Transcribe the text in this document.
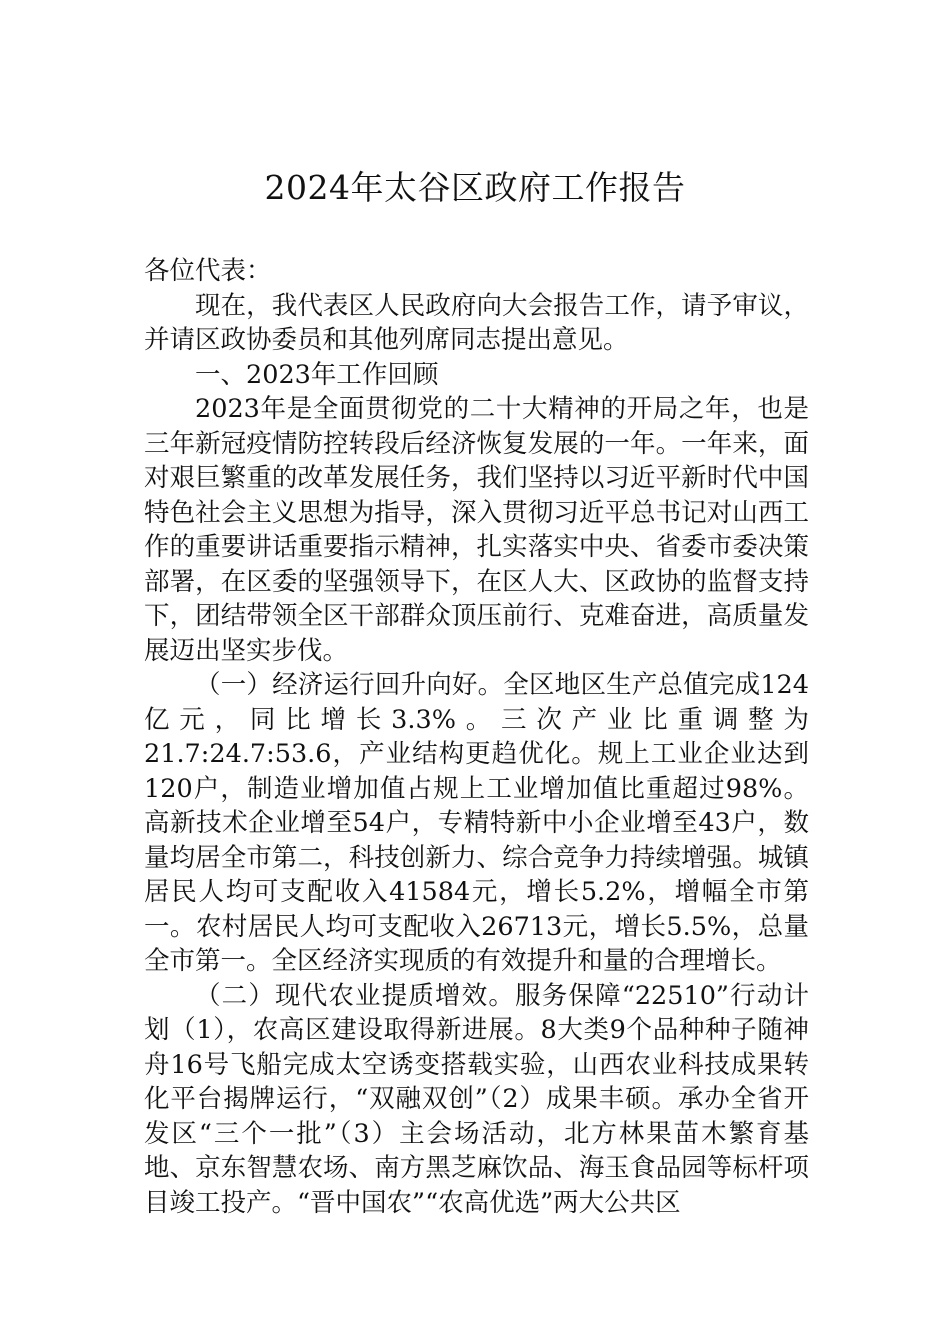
2024年太谷区政府工作报告

各位代表：

现在，我代表区人民政府向大会报告工作，请予审议，并请区政协委员和其他列席同志提出意见。

一、2023年工作回顾

2023年是全面贯彻党的二十大精神的开局之年，也是三年新冠疫情防控转段后经济恢复发展的一年。一年来，面对艰巨繁重的改革发展任务，我们坚持以习近平新时代中国特色社会主义思想为指导，深入贯彻习近平总书记对山西工作的重要讲话重要指示精神，扎实落实中央、省委市委决策部署，在区委的坚强领导下，在区人大、区政协的监督支持下，团结带领全区干部群众顶压前行、克难奋进，高质量发展迈出坚实步伐。

（一）经济运行回升向好。全区地区生产总值完成124亿元，同比增长3.3%。三次产业比重调整为21.7:24.7:53.6，产业结构更趋优化。规上工业企业达到120户，制造业增加值占规上工业增加值比重超过98%。高新技术企业增至54户，专精特新中小企业增至43户，数量均居全市第二，科技创新力、综合竞争力持续增强。城镇居民人均可支配收入41584元，增长5.2%，增幅全市第一。农村居民人均可支配收入26713元，增长5.5%，总量全市第一。全区经济实现质的有效提升和量的合理增长。

（二）现代农业提质增效。服务保障“22510”行动计划（1），农高区建设取得新进展。8大类9个品种种子随神舟16号飞船完成太空诱变搭载实验，山西农业科技成果转化平台揭牌运行，“双融双创”（2）成果丰硕。承办全省开发区“三个一批”（3）主会场活动，北方林果苗木繁育基地、京东智慧农场、南方黑芝麻饮品、海玉食品园等标杆项目竣工投产。“晋中国农”“农高优选”两大公共区
